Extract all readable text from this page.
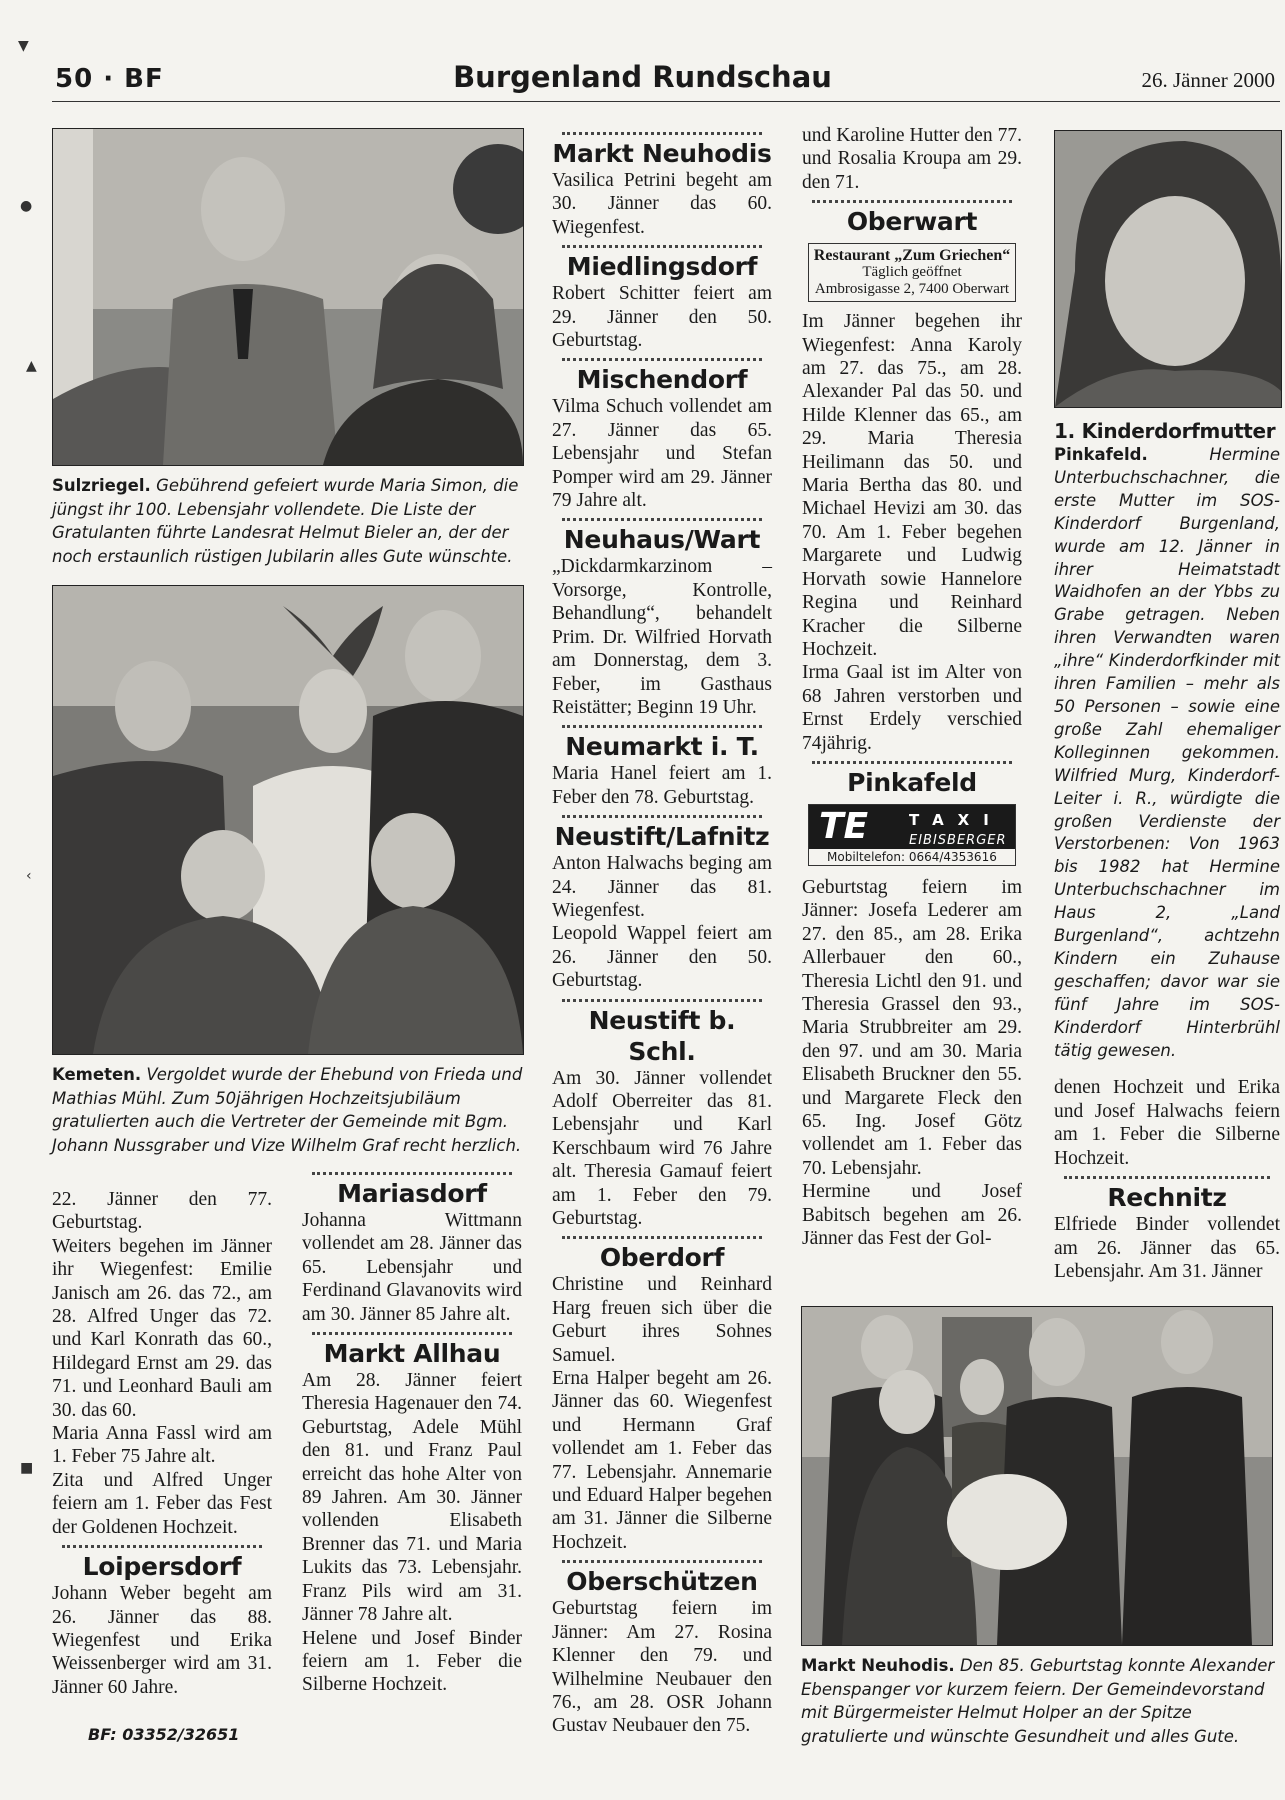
50 · BF	Burgenland Rundschau	26. Jänner 2000
▼
●
▲
‹
■
Sulzriegel. Gebührend gefeiert wurde Maria Simon, die jüngst ihr 100. Lebensjahr vollendete. Die Liste der Gratulanten führte Landesrat Helmut Bieler an, der der noch erstaunlich rüstigen Jubilarin alles Gute wünschte.
Kemeten. Vergoldet wurde der Ehebund von Frieda und Mathias Mühl. Zum 50jährigen Hochzeitsjubiläum gratulierten auch die Vertreter der Gemeinde mit Bgm. Johann Nussgraber und Vize Wilhelm Graf recht herzlich.

22. Jänner den 77. Geburtstag.

Weiters begehen im Jänner ihr Wiegenfest: Emilie Janisch am 26. das 72., am 28. Alfred Unger das 72. und Karl Konrath das 60., Hildegard Ernst am 29. das 71. und Leonhard Bauli am 30. das 60.

Maria Anna Fassl wird am 1. Feber 75 Jahre alt.

Zita und Alfred Unger feiern am 1. Feber das Fest der Goldenen Hochzeit.

Loipersdorf

Johann Weber begeht am 26. Jänner das 88. Wiegenfest und Erika Weissenberger wird am 31. Jänner 60 Jahre.

BF: 03352/32651
Mariasdorf

Johanna Wittmann vollendet am 28. Jänner das 65. Lebensjahr und Ferdinand Glavanovits wird am 30. Jänner 85 Jahre alt.

Markt Allhau

Am 28. Jänner feiert Theresia Hagenauer den 74. Geburtstag, Adele Mühl den 81. und Franz Paul erreicht das hohe Alter von 89 Jahren. Am 30. Jänner vollenden Elisabeth Brenner das 71. und Maria Lukits das 73. Lebensjahr. Franz Pils wird am 31. Jänner 78 Jahre alt.

Helene und Josef Binder feiern am 1. Feber die Silberne Hochzeit.

Markt Neuhodis

Vasilica Petrini begeht am 30. Jänner das 60. Wiegenfest.

Miedlingsdorf

Robert Schitter feiert am 29. Jänner den 50. Geburtstag.

Mischendorf

Vilma Schuch vollendet am 27. Jänner das 65. Lebensjahr und Stefan Pomper wird am 29. Jänner 79 Jahre alt.

Neuhaus/Wart

„Dickdarmkarzinom – Vorsorge, Kontrolle, Behandlung“, behandelt Prim. Dr. Wilfried Horvath am Donnerstag, dem 3. Feber, im Gasthaus Reistätter; Beginn 19 Uhr.

Neumarkt i. T.

Maria Hanel feiert am 1. Feber den 78. Geburtstag.

Neustift/Lafnitz

Anton Halwachs beging am 24. Jänner das 81. Wiegenfest.

Leopold Wappel feiert am 26. Jänner den 50. Geburtstag.

Neustift b. Schl.

Am 30. Jänner vollendet Adolf Oberreiter das 81. Lebensjahr und Karl Kerschbaum wird 76 Jahre alt. Theresia Gamauf feiert am 1. Feber den 79. Geburtstag.

Oberdorf

Christine und Reinhard Harg freuen sich über die Geburt ihres Sohnes Samuel.

Erna Halper begeht am 26. Jänner das 60. Wiegenfest und Hermann Graf vollendet am 1. Feber das 77. Lebensjahr. Annemarie und Eduard Halper begehen am 31. Jänner die Silberne Hochzeit.

Oberschützen

Geburtstag feiern im Jänner: Am 27. Rosina Klenner den 79. und Wilhelmine Neubauer den 76., am 28. OSR Johann Gustav Neubauer den 75.

und Karoline Hutter den 77. und Rosalia Kroupa am 29. den 71.

Oberwart
Restaurant „Zum Griechen“
Täglich geöffnet
Ambrosigasse 2, 7400 Oberwart

Im Jänner begehen ihr Wiegenfest: Anna Karoly am 27. das 75., am 28. Alexander Pal das 50. und Hilde Klenner das 65., am 29. Maria Theresia Heilimann das 50. und Maria Bertha das 80. und Michael Hevizi am 30. das 70. Am 1. Feber begehen Margarete und Ludwig Horvath sowie Hannelore Regina und Reinhard Kracher die Silberne Hochzeit.

Irma Gaal ist im Alter von 68 Jahren verstorben und Ernst Erdely verschied 74jährig.

Pinkafeld
TE	TAXI
EIBISBERGER
Mobiltelefon: 0664/4353616

Geburtstag feiern im Jänner: Josefa Lederer am 27. den 85., am 28. Erika Allerbauer den 60., Theresia Lichtl den 91. und Theresia Grassel den 93., Maria Strubbreiter am 29. den 97. und am 30. Maria Elisabeth Bruckner den 55. und Margarete Fleck den 65. Ing. Josef Götz vollendet am 1. Feber das 70. Lebensjahr.

Hermine und Josef Babitsch begehen am 26. Jänner das Fest der Gol-

1. Kinderdorfmutter
Pinkafeld.	Hermine Unterbuchschachner, die erste Mutter im SOS-Kinderdorf Burgenland, wurde am 12. Jänner in ihrer Heimatstadt Waidhofen an der Ybbs zu Grabe getragen. Neben ihren Verwandten waren „ihre“ Kinderdorfkinder mit ihren Familien – mehr als 50 Personen – sowie eine große Zahl ehemaliger Kolleginnen gekommen. Wilfried Murg, Kinderdorf-Leiter i. R., würdigte die großen Verdienste der Verstorbenen: Von 1963 bis 1982 hat Hermine Unterbuchschachner im Haus 2, „Land Burgenland“, achtzehn Kindern ein Zuhause geschaffen; davor war sie fünf Jahre im SOS-Kinderdorf Hinterbrühl tätig gewesen.

denen Hochzeit und Erika und Josef Halwachs feiern am 1. Feber die Silberne Hochzeit.

Rechnitz

Elfriede Binder vollendet am 26. Jänner das 65. Lebensjahr. Am 31. Jänner

Markt Neuhodis. Den 85. Geburtstag konnte Alexander Ebenspanger vor kurzem feiern. Der Gemeindevorstand mit Bürgermeister Helmut Holper an der Spitze gratulierte und wünschte Gesundheit und alles Gute.
